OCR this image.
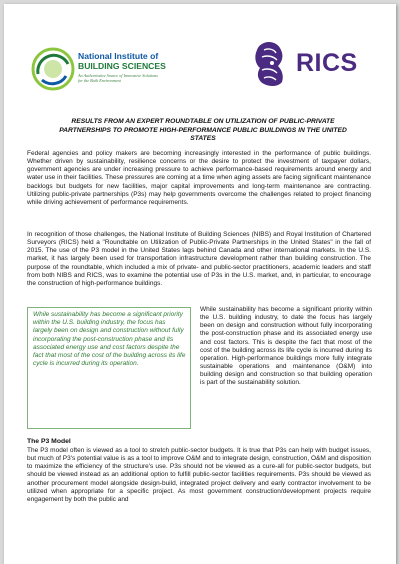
National Institute of
BUILDING SCIENCES
An Authoritative Source of Innovative Solutions
for the Built Environment
RICS
RESULTS FROM AN EXPERT ROUNDTABLE ON UTILIZATION OF PUBLIC-PRIVATE PARTNERSHIPS TO PROMOTE HIGH-PERFORMANCE PUBLIC BUILDINGS IN THE UNITED STATES
Federal agencies and policy makers are becoming increasingly interested in the performance of public buildings. Whether driven by sustainability, resilience concerns or the desire to protect the investment of taxpayer dollars, government agencies are under increasing pressure to achieve performance-based requirements around energy and water use in their facilities. These pressures are coming at a time when aging assets are facing significant maintenance backlogs but budgets for new facilities, major capital improvements and long-term maintenance are contracting. Utilizing public-private partnerships (P3s) may help governments overcome the challenges related to project financing while driving achievement of performance requirements.
In recognition of those challenges, the National Institute of Building Sciences (NIBS) and Royal Institution of Chartered Surveyors (RICS) held a "Roundtable on Utilization of Public-Private Partnerships in the United States" in the fall of 2015. The use of the P3 model in the United States lags behind Canada and other international markets. In the U.S. market, it has largely been used for transportation infrastructure development rather than building construction. The purpose of the roundtable, which included a mix of private- and public-sector practitioners, academic leaders and staff from both NIBS and RICS, was to examine the potential use of P3s in the U.S. market, and, in particular, to encourage the construction of high-performance buildings.
While sustainability has become a significant priority within the U.S. building industry, the focus has largely been on design and construction without fully incorporating the post-construction phase and its associated energy use and cost factors despite the fact that most of the cost of the building across its life cycle is incurred during its operation.
While sustainability has become a significant priority within the U.S. building industry, to date the focus has largely been on design and construction without fully incorporating the post-construction phase and its associated energy use and cost factors. This is despite the fact that most of the cost of the building across its life cycle is incurred during its operation. High-performance buildings more fully integrate sustainable operations and maintenance (O&M) into building design and construction so that building operation is part of the sustainability solution.
The P3 Model
The P3 model often is viewed as a tool to stretch public-sector budgets. It is true that P3s can help with budget issues, but much of P3's potential value is as a tool to improve O&M and to integrate design, construction, O&M and disposition to maximize the efficiency of the structure's use. P3s should not be viewed as a cure-all for public-sector budgets, but should be viewed instead as an additional option to fulfill public-sector facilities requirements. P3s should be viewed as another procurement model alongside design-build, integrated project delivery and early contractor involvement to be utilized when appropriate for a specific project. As most government construction/development projects require engagement by both the public and
